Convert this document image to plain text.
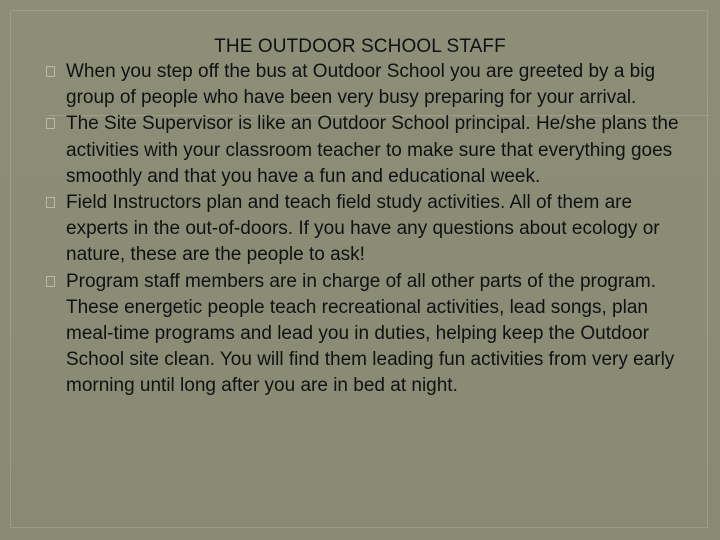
THE OUTDOOR SCHOOL STAFF
When you step off the bus at Outdoor School you are greeted by a big group of people who have been very busy preparing for your arrival.
The Site Supervisor is like an Outdoor School principal. He/she plans the activities with your classroom teacher to make sure that everything goes smoothly and that you have a fun and educational week.
Field Instructors plan and teach field study activities. All of them are experts in the out-of-doors. If you have any questions about ecology or nature, these are the people to ask!
Program staff members are in charge of all other parts of the program. These energetic people teach recreational activities, lead songs, plan meal-time programs and lead you in duties, helping keep the Outdoor School site clean. You will find them leading fun activities from very early morning until long after you are in bed at night.
